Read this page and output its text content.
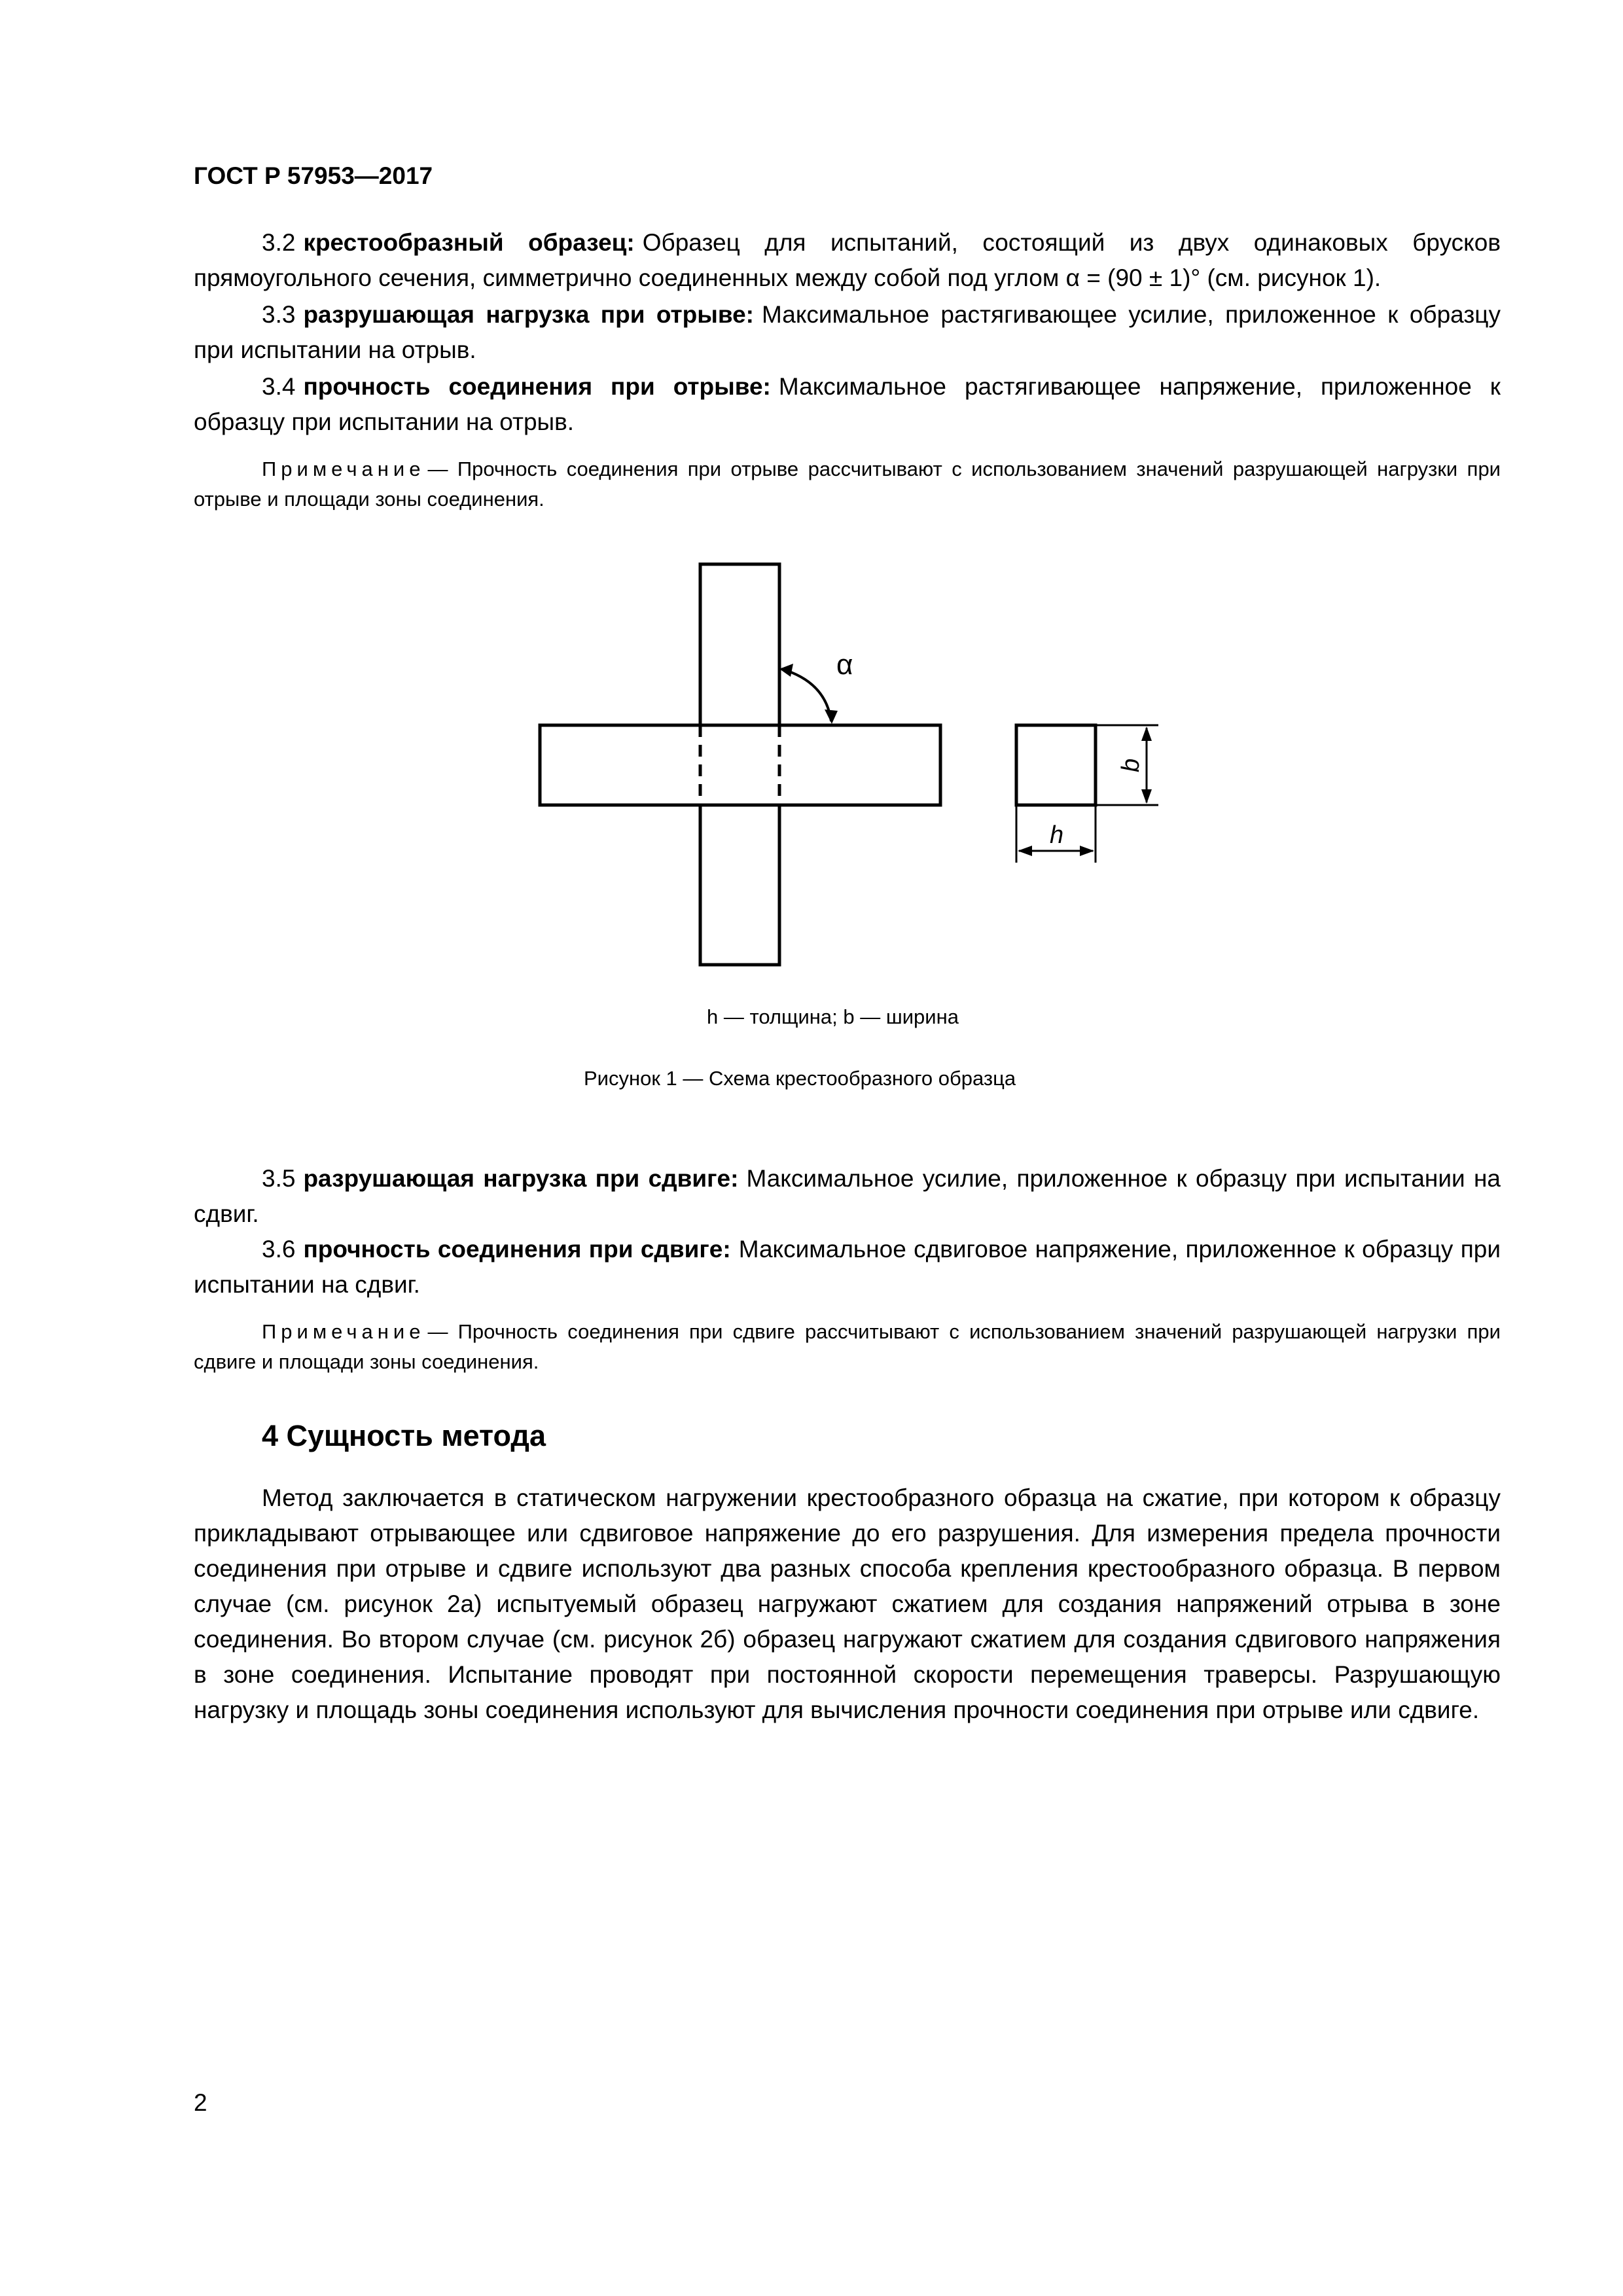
ГОСТ Р 57953—2017
3.2 крестообразный образец: Образец для испытаний, состоящий из двух одинаковых брусков прямоугольного сечения, симметрично соединенных между собой под углом α = (90 ± 1)° (см. рисунок 1).
3.3 разрушающая нагрузка при отрыве: Максимальное растягивающее усилие, приложенное к образцу при испытании на отрыв.
3.4 прочность соединения при отрыве: Максимальное растягивающее напряжение, приложенное к образцу при испытании на отрыв.
Примечание — Прочность соединения при отрыве рассчитывают с использованием значений разрушающей нагрузки при отрыве и площади зоны соединения.
α
b
h
h — толщина; b — ширина
Рисунок 1 — Схема крестообразного образца
3.5 разрушающая нагрузка при сдвиге: Максимальное усилие, приложенное к образцу при испытании на сдвиг.
3.6 прочность соединения при сдвиге: Максимальное сдвиговое напряжение, приложенное к образцу при испытании на сдвиг.
Примечание — Прочность соединения при сдвиге рассчитывают с использованием значений разрушающей нагрузки при сдвиге и площади зоны соединения.
4 Сущность метода
Метод заключается в статическом нагружении крестообразного образца на сжатие, при котором к образцу прикладывают отрывающее или сдвиговое напряжение до его разрушения. Для измерения предела прочности соединения при отрыве и сдвиге используют два разных способа крепления крестообразного образца. В первом случае (см. рисунок 2а) испытуемый образец нагружают сжатием для создания напряжений отрыва в зоне соединения. Во втором случае (см. рисунок 2б) образец нагружают сжатием для создания сдвигового напряжения в зоне соединения. Испытание проводят при постоянной скорости перемещения траверсы. Разрушающую нагрузку и площадь зоны соединения используют для вычисления прочности соединения при отрыве или сдвиге.
2
